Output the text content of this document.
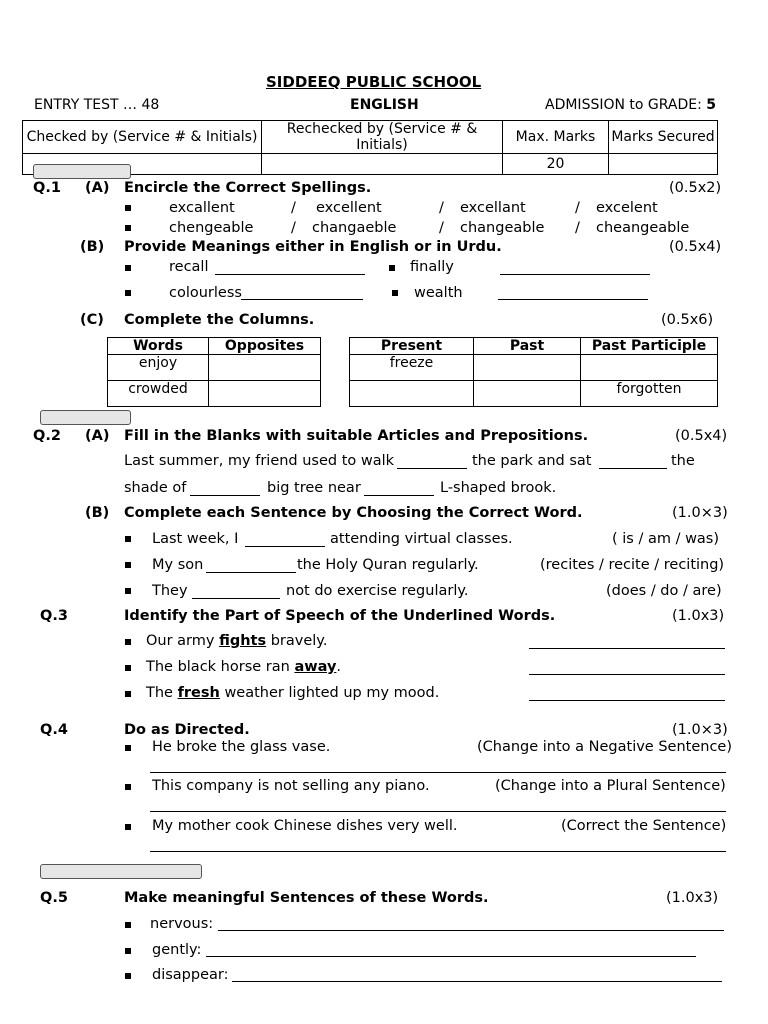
SIDDEEQ PUBLIC SCHOOL
ENTRY TEST … 48	ENGLISH	ADMISSION to GRADE: 5
Checked by (Service # & Initials)	Rechecked by (Service # & Initials)	Max. Marks	Marks Secured
		20	
Q.1 (A) Encircle the Correct Spellings.	(0.5x2)
excallent	/ excellent	/ excellant	/ excelent
chengeable	/ changaeble	/ changeable / cheangeable
(B) Provide Meanings either in English or in Urdu.	(0.5x4)
recall	finally
colourless	wealth
(C) Complete the Columns.	(0.5x6)
Words	Opposites
enjoy	
crowded	
Present	Past	Past Participle
freeze		
		forgotten
Q.2 (A) Fill in the Blanks with suitable Articles and Prepositions.	(0.5x4)
Last summer, my friend used to walk	the park and sat	the
shade of	big tree near	L-shaped brook.
(B) Complete each Sentence by Choosing the Correct Word.	(1.0×3)
Last week, I	attending virtual classes.	( is / am / was)
My son	the Holy Quran regularly.	(recites / recite / reciting)
They	not do exercise regularly.	(does / do / are)
Q.3	Identify the Part of Speech of the Underlined Words.	(1.0x3)
Our army fights bravely.
The black horse ran away.
The fresh weather lighted up my mood.
Q.4	Do as Directed.	(1.0×3)
He broke the glass vase.	(Change into a Negative Sentence)
This company is not selling any piano.	(Change into a Plural Sentence)
My mother cook Chinese dishes very well.	(Correct the Sentence)
Q.5	Make meaningful Sentences of these Words.	(1.0x3)
nervous:
gently:
disappear:
